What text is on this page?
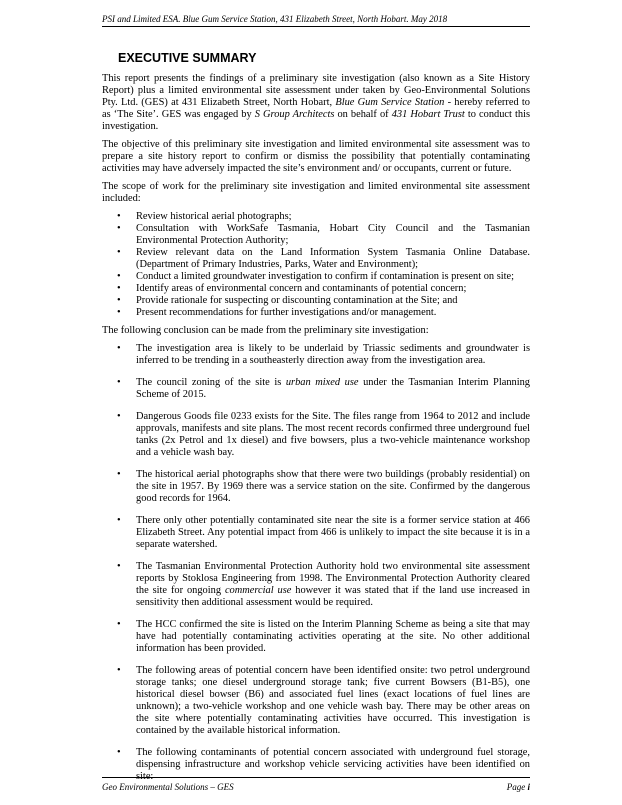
PSI and Limited ESA. Blue Gum Service Station, 431 Elizabeth Street, North Hobart. May 2018
EXECUTIVE SUMMARY

This report presents the findings of a preliminary site investigation (also known as a Site History Report) plus a limited environmental site assessment under taken by Geo-Environmental Solutions Pty. Ltd. (GES) at 431 Elizabeth Street, North Hobart, Blue Gum Service Station - hereby referred to as ‘The Site’. GES was engaged by S Group Architects on behalf of 431 Hobart Trust to conduct this investigation.

The objective of this preliminary site investigation and limited environmental site assessment was to prepare a site history report to confirm or dismiss the possibility that potentially contaminating activities may have adversely impacted the site’s environment and/ or occupants, current or future.

The scope of work for the preliminary site investigation and limited environmental site assessment included:

• Review historical aerial photographs;
• Consultation with WorkSafe Tasmania, Hobart City Council and the Tasmanian Environmental Protection Authority;
• Review relevant data on the Land Information System Tasmania Online Database. (Department of Primary Industries, Parks, Water and Environment);
• Conduct a limited groundwater investigation to confirm if contamination is present on site;
• Identify areas of environmental concern and contaminants of potential concern;
• Provide rationale for suspecting or discounting contamination at the Site; and
• Present recommendations for further investigations and/or management.

The following conclusion can be made from the preliminary site investigation:

• The investigation area is likely to be underlaid by Triassic sediments and groundwater is inferred to be trending in a southeasterly direction away from the investigation area.
• The council zoning of the site is urban mixed use under the Tasmanian Interim Planning Scheme of 2015.
• Dangerous Goods file 0233 exists for the Site. The files range from 1964 to 2012 and include approvals, manifests and site plans. The most recent records confirmed three underground fuel tanks (2x Petrol and 1x diesel) and five bowsers, plus a two-vehicle maintenance workshop and a vehicle wash bay.
• The historical aerial photographs show that there were two buildings (probably residential) on the site in 1957. By 1969 there was a service station on the site. Confirmed by the dangerous good records for 1964.
• There only other potentially contaminated site near the site is a former service station at 466 Elizabeth Street. Any potential impact from 466 is unlikely to impact the site because it is in a separate watershed.
• The Tasmanian Environmental Protection Authority hold two environmental site assessment reports by Stoklosa Engineering from 1998. The Environmental Protection Authority cleared the site for ongoing commercial use however it was stated that if the land use increased in sensitivity then additional assessment would be required.
• The HCC confirmed the site is listed on the Interim Planning Scheme as being a site that may have had potentially contaminating activities operating at the site. No other additional information has been provided.
• The following areas of potential concern have been identified onsite: two petrol underground storage tanks; one diesel underground storage tank; five current Bowsers (B1-B5), one historical diesel bowser (B6) and associated fuel lines (exact locations of fuel lines are unknown); a two-vehicle workshop and one vehicle wash bay. There may be other areas on the site where potentially contaminating activities have occurred. This investigation is contained by the available historical information.
• The following contaminants of potential concern associated with underground fuel storage, dispensing infrastructure and workshop vehicle servicing activities have been identified on site:
Geo Environmental Solutions – GES	Page i
